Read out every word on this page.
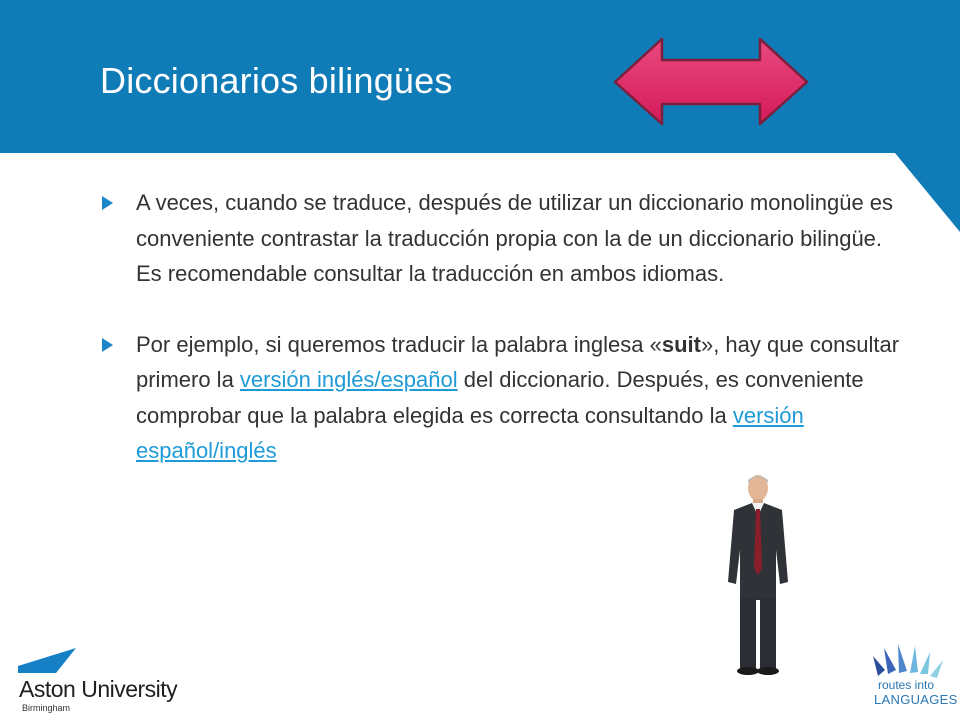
Diccionarios bilingües
A veces, cuando se traduce, después de utilizar un diccionario monolingüe es conveniente contrastar la traducción propia con la de un diccionario bilingüe. Es recomendable consultar la traducción en ambos idiomas.
Por ejemplo, si queremos traducir la palabra inglesa «suit», hay que consultar primero la versión inglés/español del diccionario. Después, es conveniente comprobar que la palabra elegida es correcta consultando la versión español/inglés
Aston University
Birmingham
routes into
LANGUAGES
